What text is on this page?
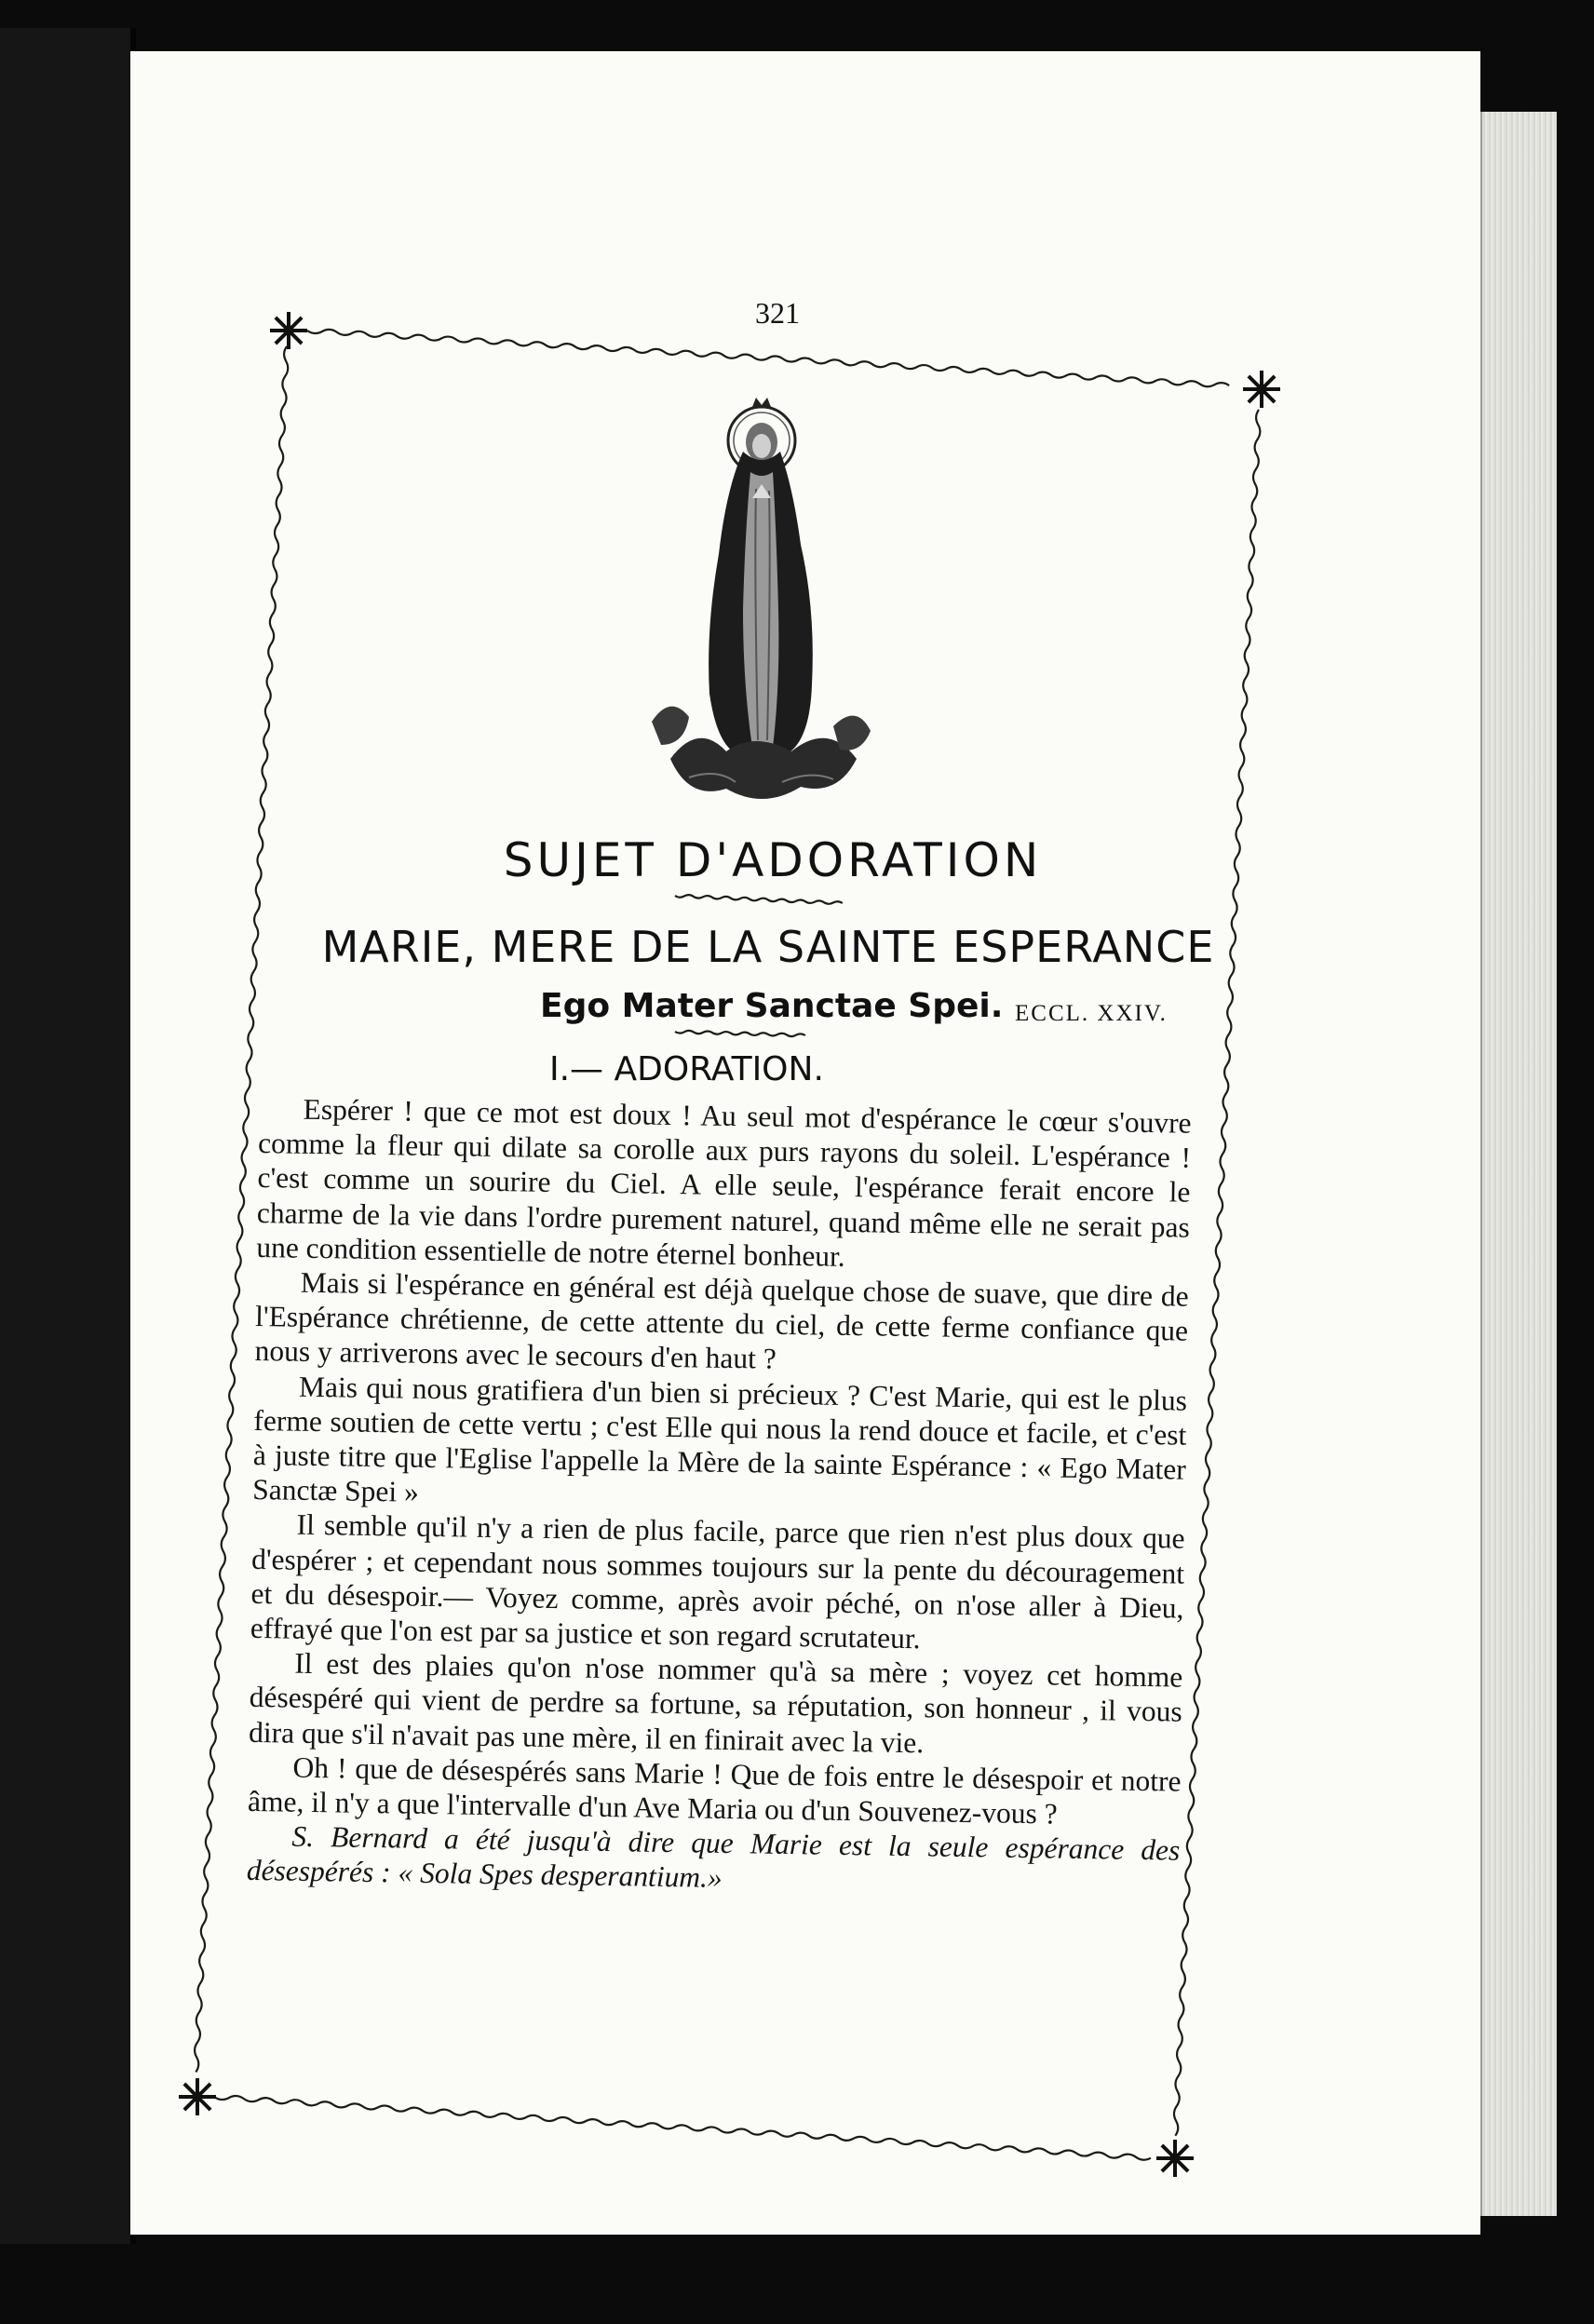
321
SUJET D'ADORATION
MARIE, MERE DE LA SAINTE ESPERANCE
Ego Mater Sanctae Spei. ECCL. XXIV.
I.— ADORATION.

Espérer ! que ce mot est doux ! Au seul mot d'espérance le cœur s'ouvre comme la fleur qui dilate sa corolle aux purs rayons du soleil. L'espérance ! c'est comme un sourire du Ciel. A elle seule, l'espérance ferait encore le charme de la vie dans l'ordre purement naturel, quand même elle ne serait pas une condition essentielle de notre éternel bonheur.

Mais si l'espérance en général est déjà quelque chose de suave, que dire de l'Espérance chrétienne, de cette attente du ciel, de cette ferme confiance que nous y arriverons avec le secours d'en haut ?

Mais qui nous gratifiera d'un bien si précieux ? C'est Marie, qui est le plus ferme soutien de cette vertu ; c'est Elle qui nous la rend douce et facile, et c'est à juste titre que l'Eglise l'appelle la Mère de la sainte Espérance : « Ego Mater Sanctæ Spei »

Il semble qu'il n'y a rien de plus facile, parce que rien n'est plus doux que d'espérer ; et cependant nous sommes toujours sur la pente du découragement et du désespoir.— Voyez comme, après avoir péché, on n'ose aller à Dieu, effrayé que l'on est par sa justice et son regard scrutateur.

Il est des plaies qu'on n'ose nommer qu'à sa mère ; voyez cet homme désespéré qui vient de perdre sa fortune, sa réputation, son honneur , il vous dira que s'il n'avait pas une mère, il en finirait avec la vie.

Oh ! que de désespérés sans Marie ! Que de fois entre le désespoir et notre âme, il n'y a que l'intervalle d'un Ave Maria ou d'un Souvenez-vous ?

S. Bernard a été jusqu'à dire que Marie est la seule espérance des désespérés : « Sola Spes desperantium.»
